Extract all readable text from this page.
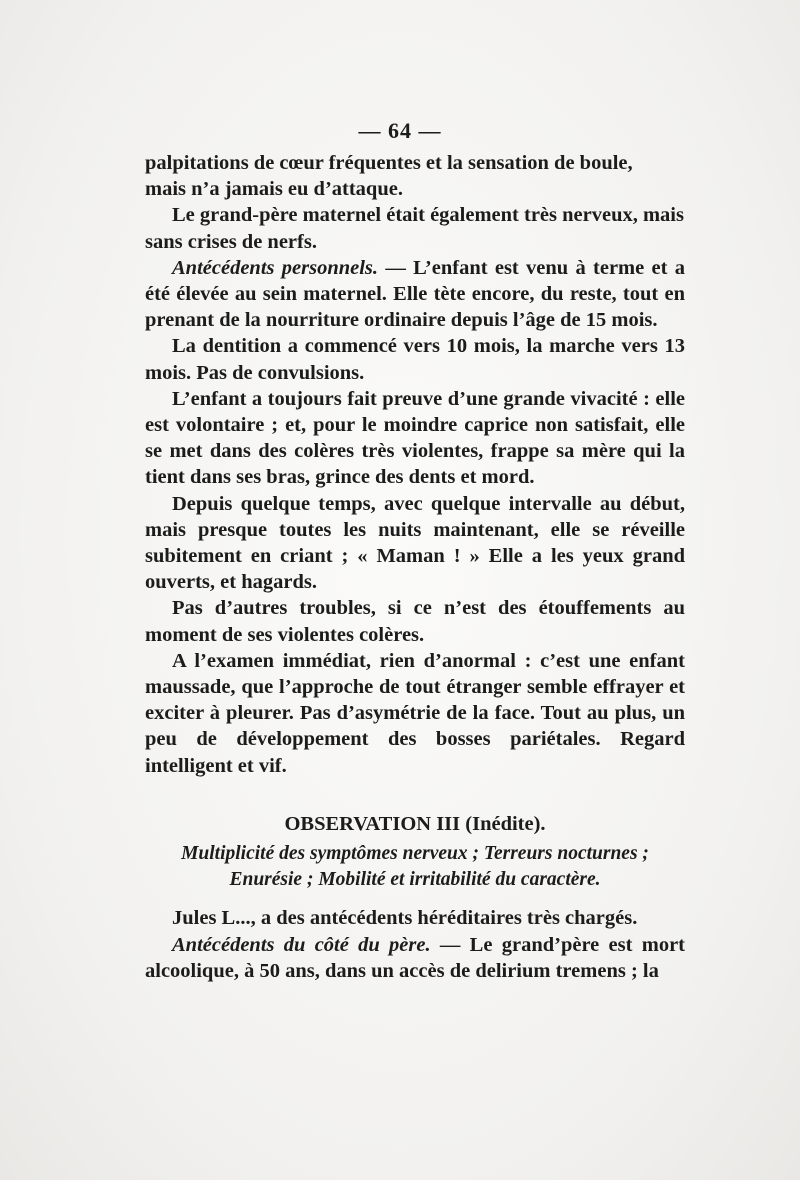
— 64 —

palpitations de cœur fréquentes et la sensation de boule,

mais n’a jamais eu d’attaque.

Le grand-père maternel était également très nerveux, mais

sans crises de nerfs.

Antécédents personnels. — L’enfant est venu à terme et a été élevée au sein maternel. Elle tète encore, du reste, tout en prenant de la nourriture ordinaire depuis l’âge de 15 mois.

La dentition a commencé vers 10 mois, la marche vers 13 mois. Pas de convulsions.

L’enfant a toujours fait preuve d’une grande vivacité : elle est volontaire ; et, pour le moindre caprice non satisfait, elle se met dans des colères très violentes, frappe sa mère qui la tient dans ses bras, grince des dents et mord.

Depuis quelque temps, avec quelque intervalle au début, mais presque toutes les nuits maintenant, elle se réveille subitement en criant ; « Maman ! » Elle a les yeux grand ouverts, et hagards.

Pas d’autres troubles, si ce n’est des étouffements au moment de ses violentes colères.

A l’examen immédiat, rien d’anormal : c’est une enfant maussade, que l’approche de tout étranger semble effrayer et exciter à pleurer. Pas d’asymétrie de la face. Tout au plus, un peu de développement des bosses pariétales. Regard intelligent et vif.

OBSERVATION III (Inédite).

Multiplicité des symptômes nerveux ; Terreurs nocturnes ;

Enurésie ; Mobilité et irritabilité du caractère.

Jules L..., a des antécédents héréditaires très chargés.

Antécédents du côté du père. — Le grand’père est mort alcoolique, à 50 ans, dans un accès de delirium tremens ; la
